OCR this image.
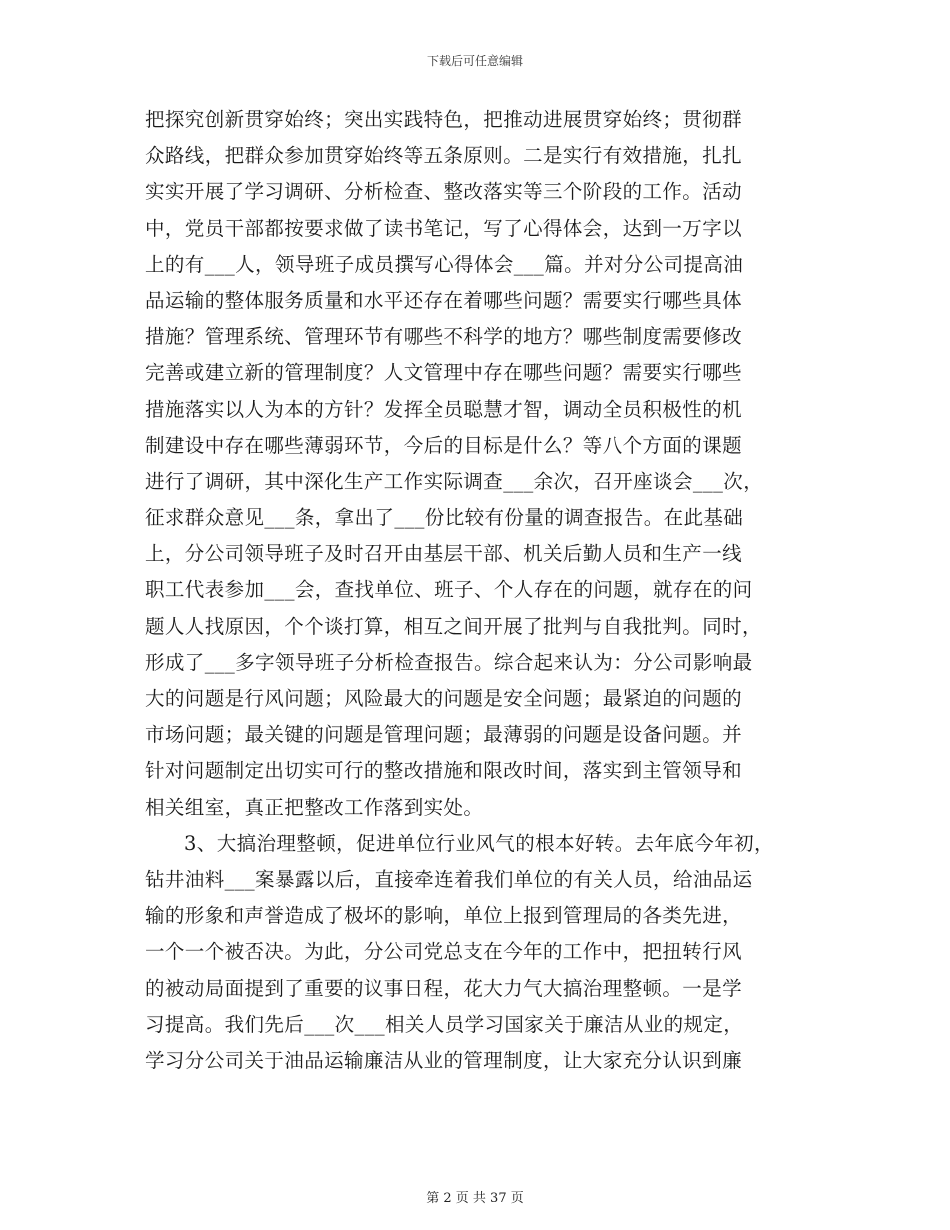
下载后可任意编辑
把探究创新贯穿始终；突出实践特色，把推动进展贯穿始终；贯彻群
众路线，把群众参加贯穿始终等五条原则。二是实行有效措施，扎扎
实实开展了学习调研、分析检查、整改落实等三个阶段的工作。活动
中，党员干部都按要求做了读书笔记，写了心得体会，达到一万字以
上的有___人，领导班子成员撰写心得体会___篇。并对分公司提高油
品运输的整体服务质量和水平还存在着哪些问题？需要实行哪些具体
措施？管理系统、管理环节有哪些不科学的地方？哪些制度需要修改
完善或建立新的管理制度？人文管理中存在哪些问题？需要实行哪些
措施落实以人为本的方针？发挥全员聪慧才智，调动全员积极性的机
制建设中存在哪些薄弱环节，今后的目标是什么？等八个方面的课题
进行了调研，其中深化生产工作实际调查___余次，召开座谈会___次，
征求群众意见___条，拿出了___份比较有份量的调查报告。在此基础
上，分公司领导班子及时召开由基层干部、机关后勤人员和生产一线
职工代表参加___会，查找单位、班子、个人存在的问题，就存在的问
题人人找原因，个个谈打算，相互之间开展了批判与自我批判。同时，
形成了___多字领导班子分析检查报告。综合起来认为：分公司影响最
大的问题是行风问题；风险最大的问题是安全问题；最紧迫的问题的
市场问题；最关键的问题是管理问题；最薄弱的问题是设备问题。并
针对问题制定出切实可行的整改措施和限改时间，落实到主管领导和
相关组室，真正把整改工作落到实处。
3、大搞治理整顿，促进单位行业风气的根本好转。去年底今年初，
钻井油料___案暴露以后，直接牵连着我们单位的有关人员，给油品运
输的形象和声誉造成了极坏的影响，单位上报到管理局的各类先进，
一个一个被否决。为此，分公司党总支在今年的工作中，把扭转行风
的被动局面提到了重要的议事日程，花大力气大搞治理整顿。一是学
习提高。我们先后___次___相关人员学习国家关于廉洁从业的规定，
学习分公司关于油品运输廉洁从业的管理制度，让大家充分认识到廉
第 2 页 共 37 页
